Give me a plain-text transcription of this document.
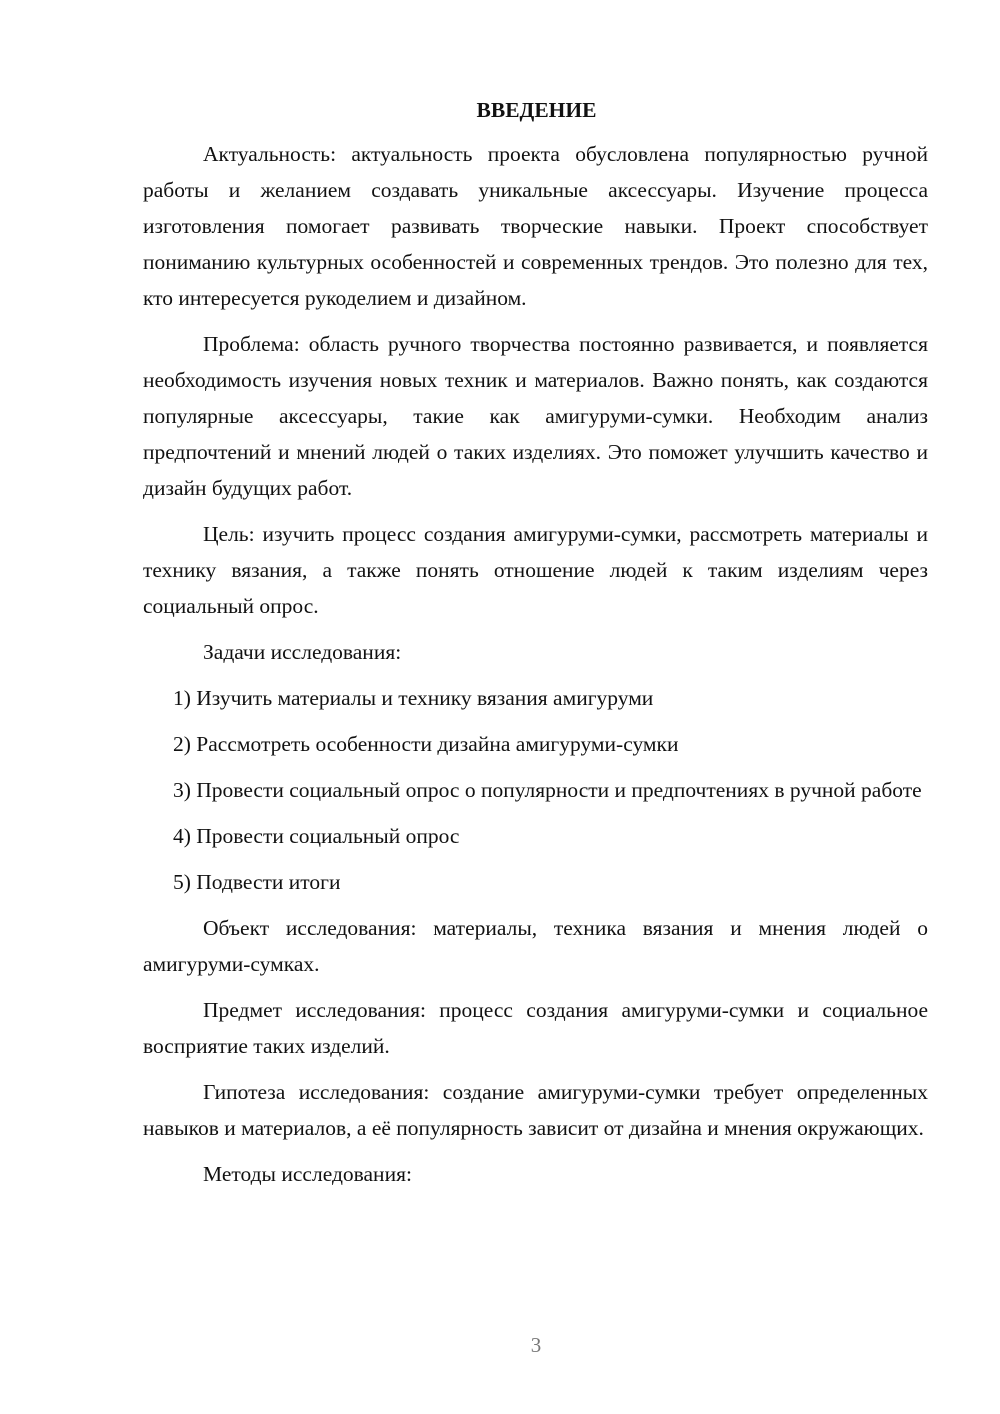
ВВЕДЕНИЕ

Актуальность: актуальность проекта обусловлена популярностью ручной работы и желанием создавать уникальные аксессуары. Изучение процесса изготовления помогает развивать творческие навыки. Проект способствует пониманию культурных особенностей и современных трендов. Это полезно для тех, кто интересуется рукоделием и дизайном.

Проблема: область ручного творчества постоянно развивается, и появляется необходимость изучения новых техник и материалов. Важно понять, как создаются популярные аксессуары, такие как амигуруми-сумки. Необходим анализ предпочтений и мнений людей о таких изделиях. Это поможет улучшить качество и дизайн будущих работ.

Цель: изучить процесс создания амигуруми-сумки, рассмотреть материалы и технику вязания, а также понять отношение людей к таким изделиям через социальный опрос.

Задачи исследования:

1) Изучить материалы и технику вязания амигуруми
2) Рассмотреть особенности дизайна амигуруми-сумки
3) Провести социальный опрос о популярности и предпочтениях в ручной работе
4) Провести социальный опрос
5) Подвести итоги

Объект исследования: материалы, техника вязания и мнения людей о амигуруми-сумках.

Предмет исследования: процесс создания амигуруми-сумки и социальное восприятие таких изделий.

Гипотеза исследования: создание амигуруми-сумки требует определенных навыков и материалов, а её популярность зависит от дизайна и мнения окружающих.

Методы исследования:

3
